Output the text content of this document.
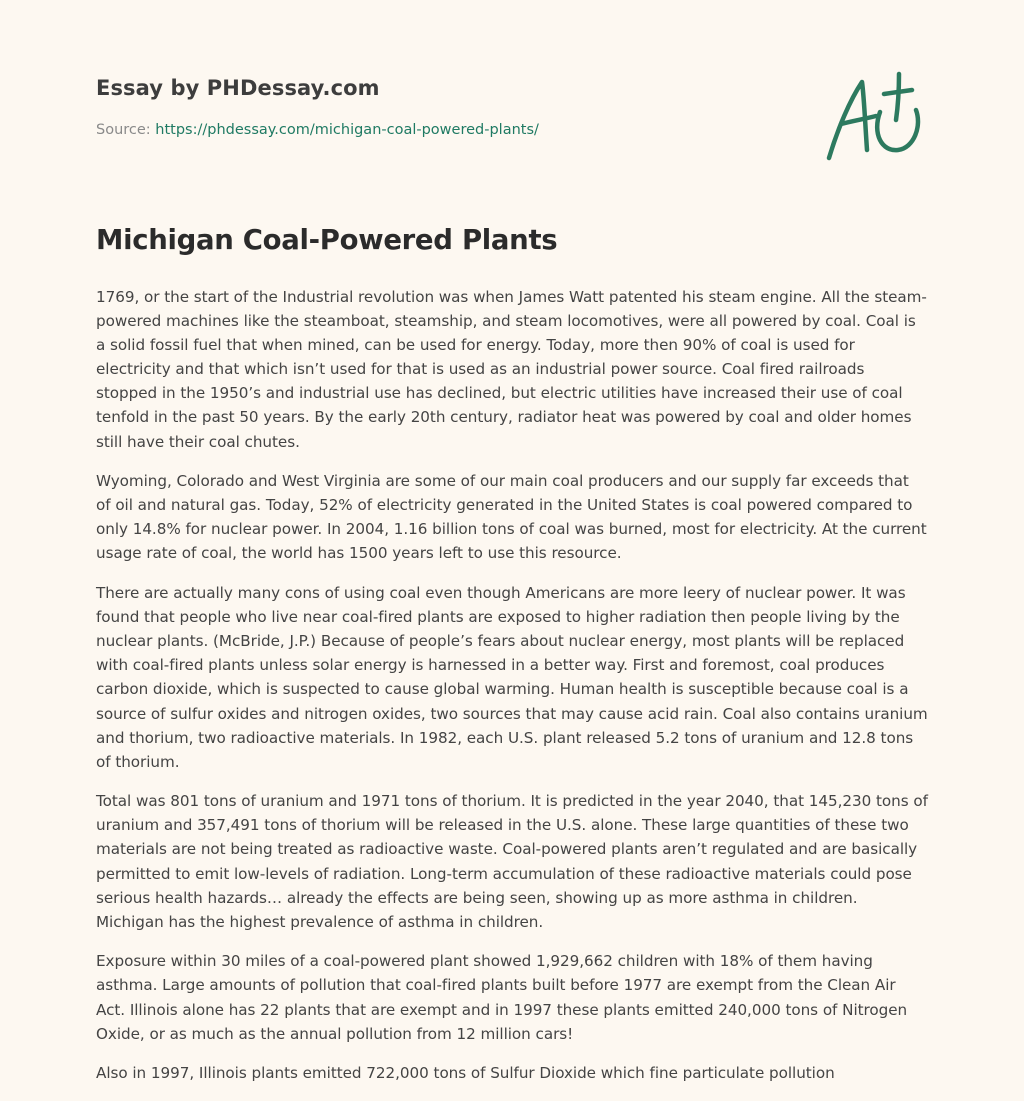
Essay by PHDessay.com
Source: https://phdessay.com/michigan-coal-powered-plants/
Michigan Coal-Powered Plants

1769, or the start of the Industrial revolution was when James Watt patented his steam engine. All the steam-powered machines like the steamboat, steamship, and steam locomotives, were all powered by coal. Coal is a solid fossil fuel that when mined, can be used for energy. Today, more then 90% of coal is used for electricity and that which isn’t used for that is used as an industrial power source. Coal fired railroads stopped in the 1950’s and industrial use has declined, but electric utilities have increased their use of coal tenfold in the past 50 years. By the early 20th century, radiator heat was powered by coal and older homes still have their coal chutes.

Wyoming, Colorado and West Virginia are some of our main coal producers and our supply far exceeds that of oil and natural gas. Today, 52% of electricity generated in the United States is coal powered compared to only 14.8% for nuclear power. In 2004, 1.16 billion tons of coal was burned, most for electricity. At the current usage rate of coal, the world has 1500 years left to use this resource.

There are actually many cons of using coal even though Americans are more leery of nuclear power. It was found that people who live near coal-fired plants are exposed to higher radiation then people living by the nuclear plants. (McBride, J.P.) Because of people’s fears about nuclear energy, most plants will be replaced with coal-fired plants unless solar energy is harnessed in a better way. First and foremost, coal produces carbon dioxide, which is suspected to cause global warming. Human health is susceptible because coal is a source of sulfur oxides and nitrogen oxides, two sources that may cause acid rain. Coal also contains uranium and thorium, two radioactive materials. In 1982, each U.S. plant released 5.2 tons of uranium and 12.8 tons of thorium.

Total was 801 tons of uranium and 1971 tons of thorium. It is predicted in the year 2040, that 145,230 tons of uranium and 357,491 tons of thorium will be released in the U.S. alone. These large quantities of these two materials are not being treated as radioactive waste. Coal-powered plants aren’t regulated and are basically permitted to emit low-levels of radiation. Long-term accumulation of these radioactive materials could pose serious health hazards… already the effects are being seen, showing up as more asthma in children. Michigan has the highest prevalence of asthma in children.

Exposure within 30 miles of a coal-powered plant showed 1,929,662 children with 18% of them having asthma. Large amounts of pollution that coal-fired plants built before 1977 are exempt from the Clean Air Act. Illinois alone has 22 plants that are exempt and in 1997 these plants emitted 240,000 tons of Nitrogen Oxide, or as much as the annual pollution from 12 million cars!

Also in 1997, Illinois plants emitted 722,000 tons of Sulfur Dioxide which fine particulate pollution
